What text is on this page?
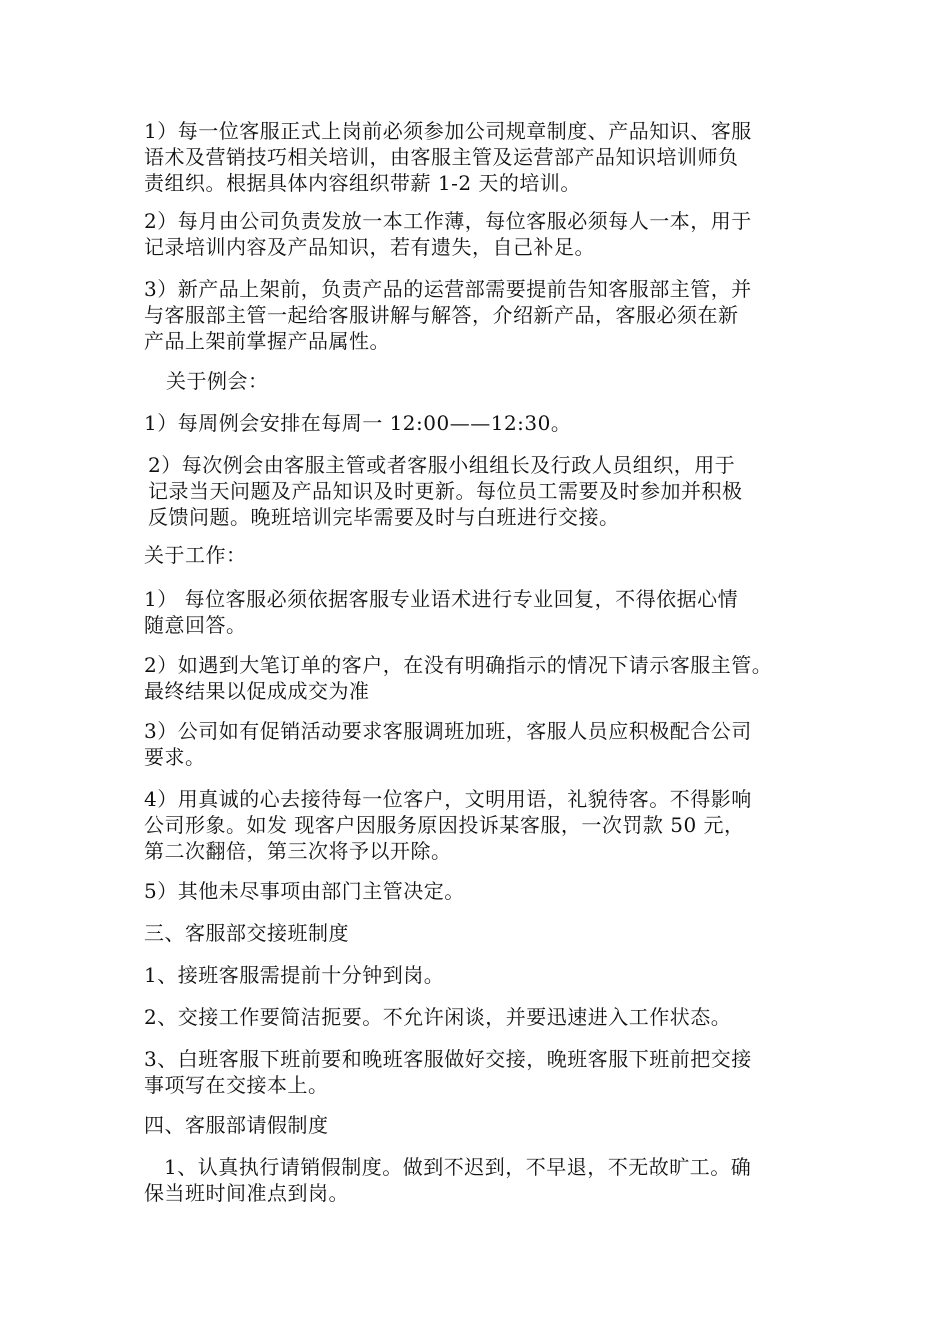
1）每一位客服正式上岗前必须参加公司规章制度、产品知识、客服
语术及营销技巧相关培训，由客服主管及运营部产品知识培训师负
责组织。根据具体内容组织带薪 1-2 天的培训。

2）每月由公司负责发放一本工作薄，每位客服必须每人一本，用于
记录培训内容及产品知识，若有遗失，自己补足。

3）新产品上架前，负责产品的运营部需要提前告知客服部主管，并
与客服部主管一起给客服讲解与解答，介绍新产品，客服必须在新
产品上架前掌握产品属性。

关于例会：

1）每周例会安排在每周一 12:00——12:30。

2）每次例会由客服主管或者客服小组组长及行政人员组织，用于
记录当天问题及产品知识及时更新。每位员工需要及时参加并积极
反馈问题。晚班培训完毕需要及时与白班进行交接。

关于工作：

1） 每位客服必须依据客服专业语术进行专业回复，不得依据心情
随意回答。

2）如遇到大笔订单的客户，在没有明确指示的情况下请示客服主管。
最终结果以促成成交为准

3）公司如有促销活动要求客服调班加班，客服人员应积极配合公司
要求。

4）用真诚的心去接待每一位客户，文明用语，礼貌待客。不得影响
公司形象。如发 现客户因服务原因投诉某客服，一次罚款 50 元，
第二次翻倍，第三次将予以开除。

5）其他未尽事项由部门主管决定。

三、客服部交接班制度

1、接班客服需提前十分钟到岗。

2、交接工作要简洁扼要。不允许闲谈，并要迅速进入工作状态。

3、白班客服下班前要和晚班客服做好交接，晚班客服下班前把交接
事项写在交接本上。

四、客服部请假制度

1、认真执行请销假制度。做到不迟到，不早退，不无故旷工。确
保当班时间准点到岗。
